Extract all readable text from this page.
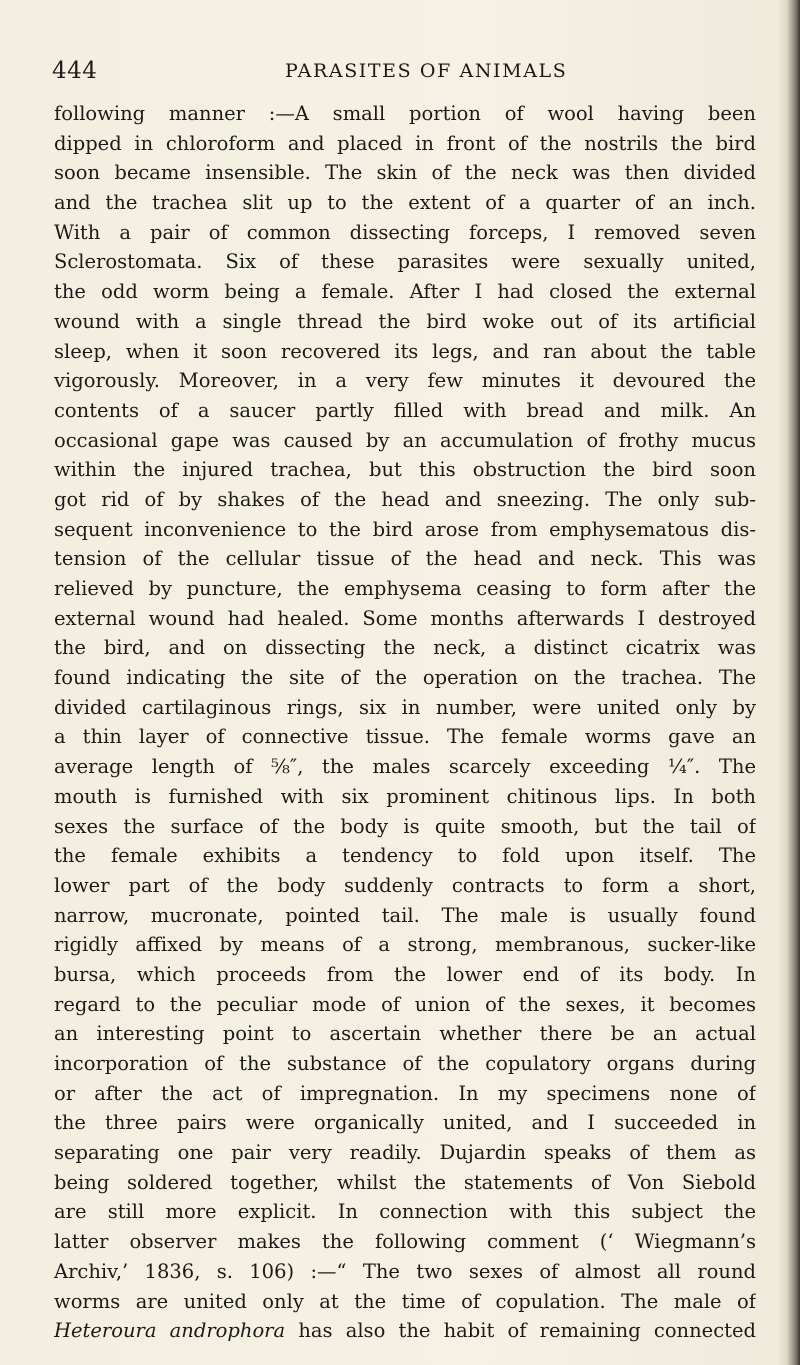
444	PARASITES OF ANIMALS
following manner :—A small portion of wool having been
dipped in chloroform and placed in front of the nostrils the bird
soon became insensible. The skin of the neck was then divided
and the trachea slit up to the extent of a quarter of an inch.
With a pair of common dissecting forceps, I removed seven
Sclerostomata. Six of these parasites were sexually united,
the odd worm being a female. After I had closed the external
wound with a single thread the bird woke out of its artificial
sleep, when it soon recovered its legs, and ran about the table
vigorously. Moreover, in a very few minutes it devoured the
contents of a saucer partly filled with bread and milk. An
occasional gape was caused by an accumulation of frothy mucus
within the injured trachea, but this obstruction the bird soon
got rid of by shakes of the head and sneezing. The only sub-
sequent inconvenience to the bird arose from emphysematous dis-
tension of the cellular tissue of the head and neck. This was
relieved by puncture, the emphysema ceasing to form after the
external wound had healed. Some months afterwards I destroyed
the bird, and on dissecting the neck, a distinct cicatrix was
found indicating the site of the operation on the trachea. The
divided cartilaginous rings, six in number, were united only by
a thin layer of connective tissue. The female worms gave an
average length of ⅝″, the males scarcely exceeding ¼″. The
mouth is furnished with six prominent chitinous lips. In both
sexes the surface of the body is quite smooth, but the tail of
the female exhibits a tendency to fold upon itself. The
lower part of the body suddenly contracts to form a short,
narrow, mucronate, pointed tail. The male is usually found
rigidly affixed by means of a strong, membranous, sucker-like
bursa, which proceeds from the lower end of its body. In
regard to the peculiar mode of union of the sexes, it becomes
an interesting point to ascertain whether there be an actual
incorporation of the substance of the copulatory organs during
or after the act of impregnation. In my specimens none of
the three pairs were organically united, and I succeeded in
separating one pair very readily. Dujardin speaks of them as
being soldered together, whilst the statements of Von Siebold
are still more explicit. In connection with this subject the
latter observer makes the following comment (‘ Wiegmann’s
Archiv,’ 1836, s. 106) :—“ The two sexes of almost all round
worms are united only at the time of copulation. The male of
Heteroura androphora has also the habit of remaining connected
